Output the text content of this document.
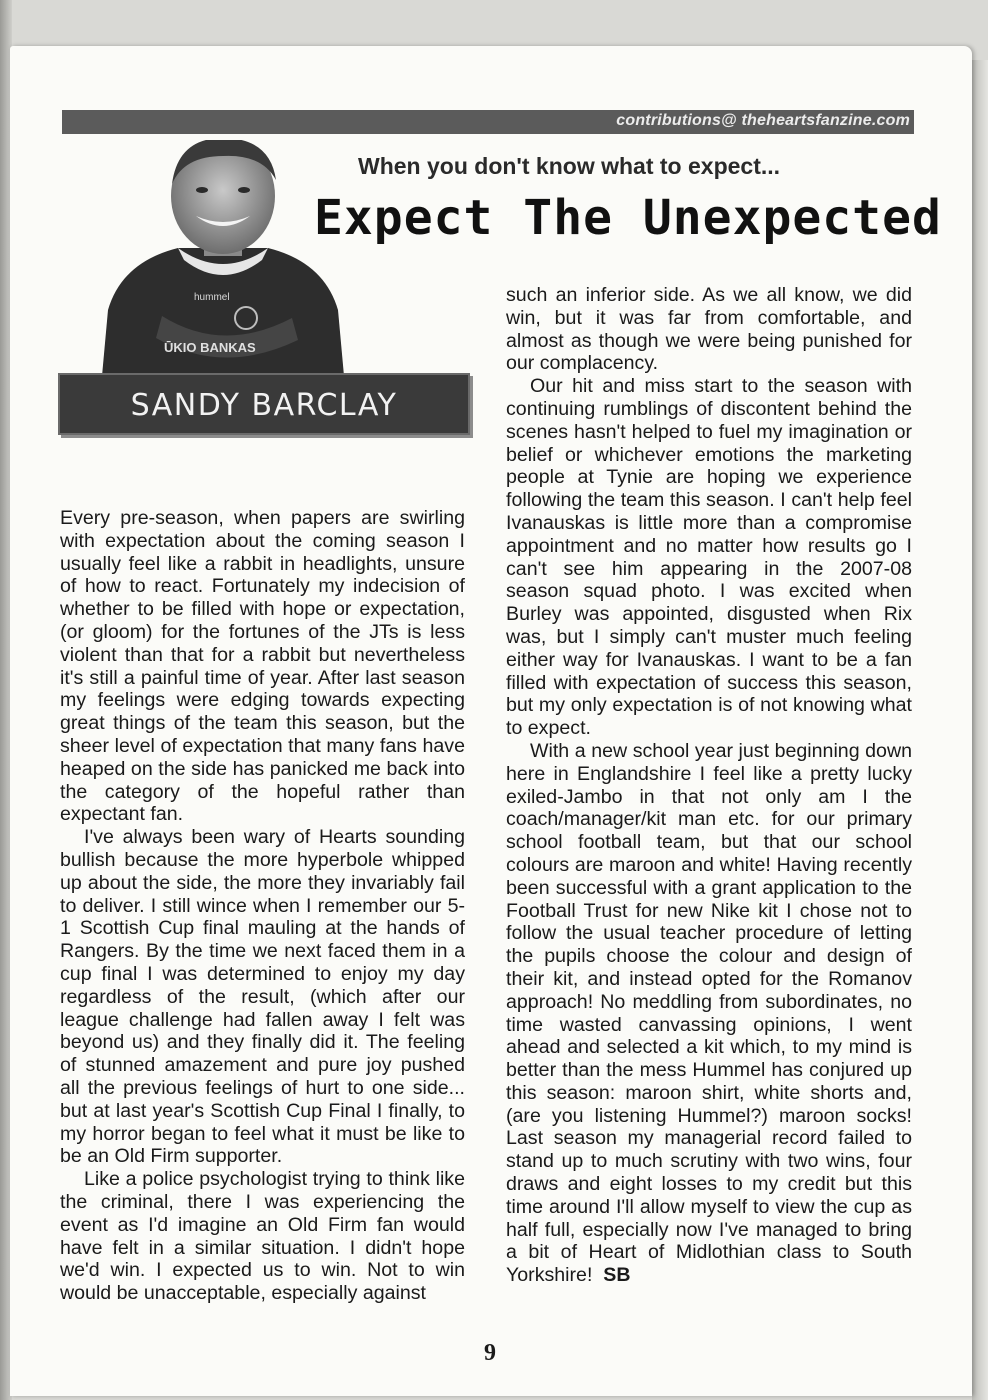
contributions@ theheartsfanzine.com
hummel
ŪKIO BANKAS
When you don't know what to expect...
Expect The Unexpected
SANDY BARCLAY

Every pre-season, when papers are swirling with expectation about the coming season I usually feel like a rabbit in headlights, unsure of how to react. Fortunately my indecision of whether to be filled with hope or expectation, (or gloom) for the fortunes of the JTs is less violent than that for a rabbit but nevertheless it's still a painful time of year. After last season my feelings were edging towards expecting great things of the team this season, but the sheer level of expectation that many fans have heaped on the side has panicked me back into the category of the hopeful rather than expectant fan.

I've always been wary of Hearts sounding bullish because the more hyperbole whipped up about the side, the more they invariably fail to deliver. I still wince when I remember our 5-1 Scottish Cup final mauling at the hands of Rangers. By the time we next faced them in a cup final I was determined to enjoy my day regardless of the result, (which after our league challenge had fallen away I felt was beyond us) and they finally did it. The feeling of stunned amazement and pure joy pushed all the previous feelings of hurt to one side... but at last year's Scottish Cup Final I finally, to my horror began to feel what it must be like to be an Old Firm supporter.

Like a police psychologist trying to think like the criminal, there I was experiencing the event as I'd imagine an Old Firm fan would have felt in a similar situation. I didn't hope we'd win. I expected us to win. Not to win would be unacceptable, especially against

such an inferior side. As we all know, we did win, but it was far from comfortable, and almost as though we were being punished for our complacency.

Our hit and miss start to the season with continuing rumblings of discontent behind the scenes hasn't helped to fuel my imagination or belief or whichever emotions the marketing people at Tynie are hoping we experience following the team this season. I can't help feel Ivanauskas is little more than a compromise appointment and no matter how results go I can't see him appearing in the 2007-08 season squad photo. I was excited when Burley was appointed, disgusted when Rix was, but I simply can't muster much feeling either way for Ivanauskas. I want to be a fan filled with expectation of success this season, but my only expectation is of not knowing what to expect.

With a new school year just beginning down here in Englandshire I feel like a pretty lucky exiled-Jambo in that not only am I the coach/manager/kit man etc. for our primary school football team, but that our school colours are maroon and white! Having recently been successful with a grant application to the Football Trust for new Nike kit I chose not to follow the usual teacher procedure of letting the pupils choose the colour and design of their kit, and instead opted for the Romanov approach! No meddling from subordinates, no time wasted canvassing opinions, I went ahead and selected a kit which, to my mind is better than the mess Hummel has conjured up this season: maroon shirt, white shorts and, (are you listening Hummel?) maroon socks! Last season my managerial record failed to stand up to much scrutiny with two wins, four draws and eight losses to my credit but this time around I'll allow myself to view the cup as half full, especially now I've managed to bring a bit of Heart of Midlothian class to South Yorkshire! SB

9
